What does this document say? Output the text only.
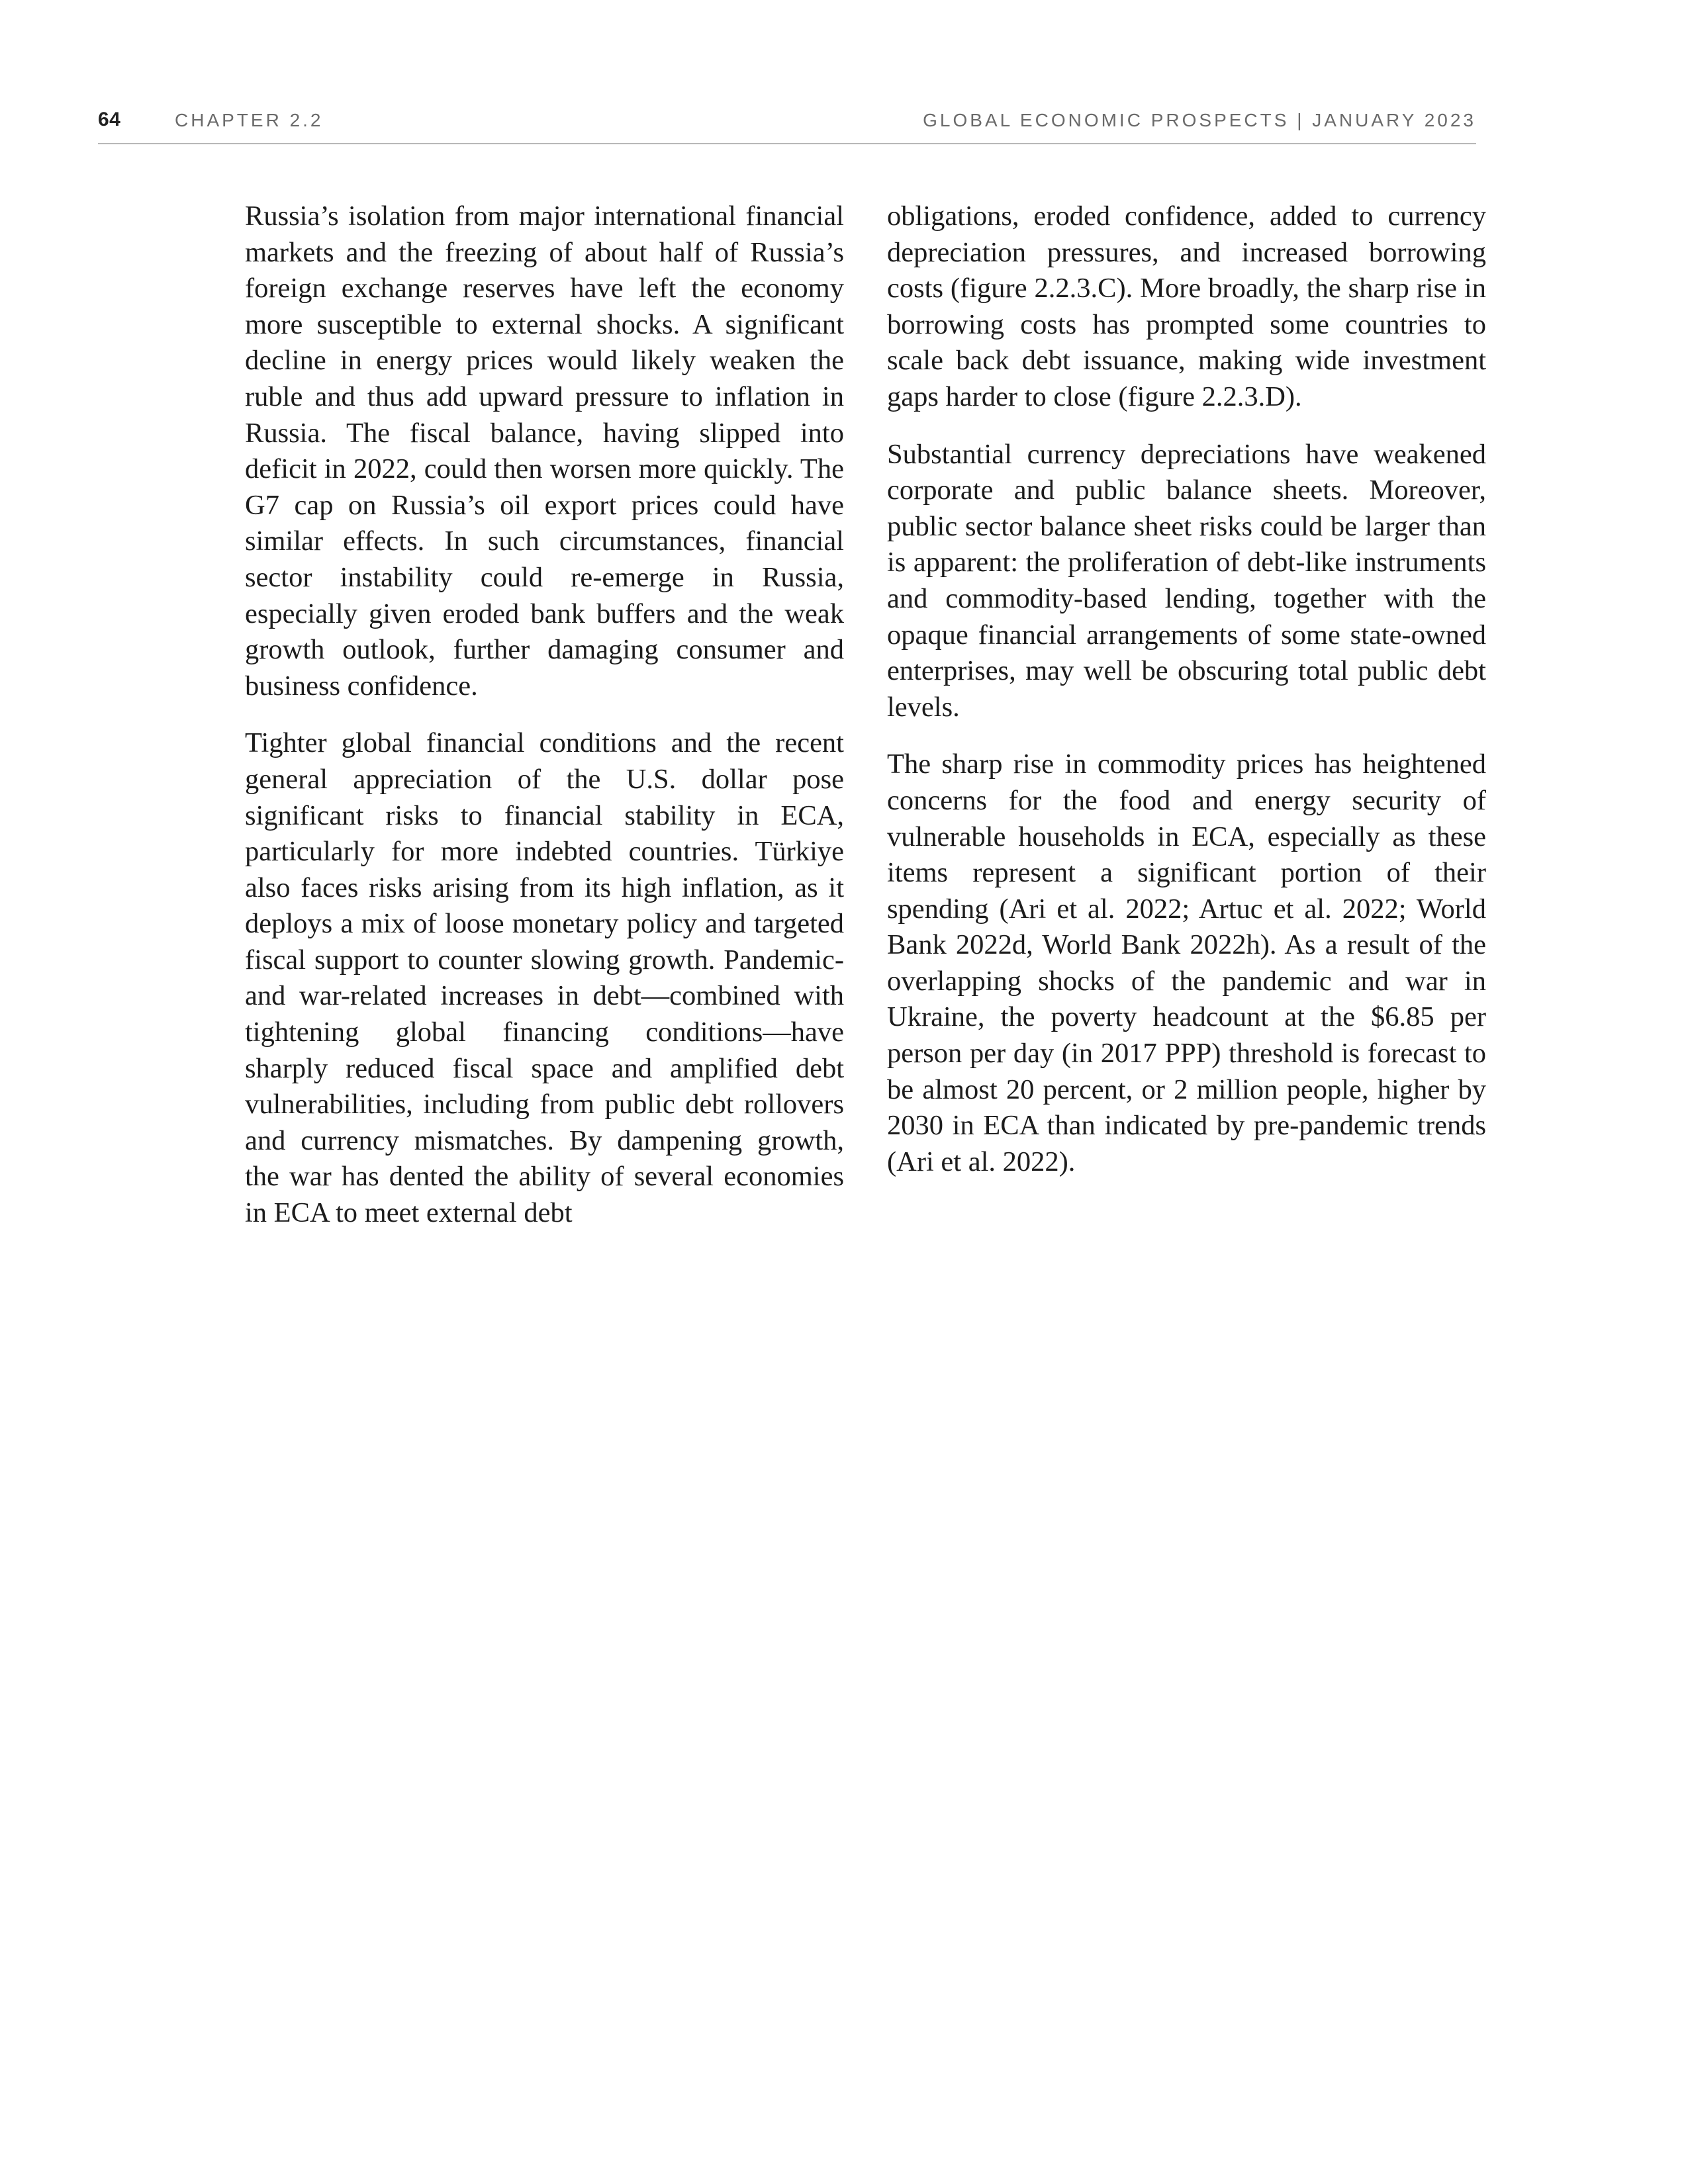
64	CHAPTER 2.2	GLOBAL ECONOMIC PROSPECTS | JANUARY 2023

Russia’s isolation from major international financial markets and the freezing of about half of Russia’s foreign exchange reserves have left the economy more susceptible to external shocks. A significant decline in energy prices would likely weaken the ruble and thus add upward pressure to inflation in Russia. The fiscal balance, having slipped into deficit in 2022, could then worsen more quickly. The G7 cap on Russia’s oil export prices could have similar effects. In such circumstances, financial sector instability could re-emerge in Russia, especially given eroded bank buffers and the weak growth outlook, further damaging consumer and business confidence.

Tighter global financial conditions and the recent general appreciation of the U.S. dollar pose significant risks to financial stability in ECA, particularly for more indebted countries. Türkiye also faces risks arising from its high inflation, as it deploys a mix of loose monetary policy and targeted fiscal support to counter slowing growth. Pandemic- and war-related increases in debt—combined with tightening global financing conditions—have sharply reduced fiscal space and amplified debt vulnerabilities, including from public debt rollovers and currency mismatches. By dampening growth, the war has dented the ability of several economies in ECA to meet external debt

obligations, eroded confidence, added to currency depreciation pressures, and increased borrowing costs (figure 2.2.3.C). More broadly, the sharp rise in borrowing costs has prompted some countries to scale back debt issuance, making wide investment gaps harder to close (figure 2.2.3.D).

Substantial currency depreciations have weakened corporate and public balance sheets. Moreover, public sector balance sheet risks could be larger than is apparent: the proliferation of debt-like instruments and commodity-based lending, together with the opaque financial arrangements of some state-owned enterprises, may well be obscuring total public debt levels.

The sharp rise in commodity prices has heightened concerns for the food and energy security of vulnerable households in ECA, especially as these items represent a significant portion of their spending (Ari et al. 2022; Artuc et al. 2022; World Bank 2022d, World Bank 2022h). As a result of the overlapping shocks of the pandemic and war in Ukraine, the poverty headcount at the $6.85 per person per day (in 2017 PPP) threshold is forecast to be almost 20 percent, or 2 million people, higher by 2030 in ECA than indicated by pre-pandemic trends (Ari et al. 2022).
